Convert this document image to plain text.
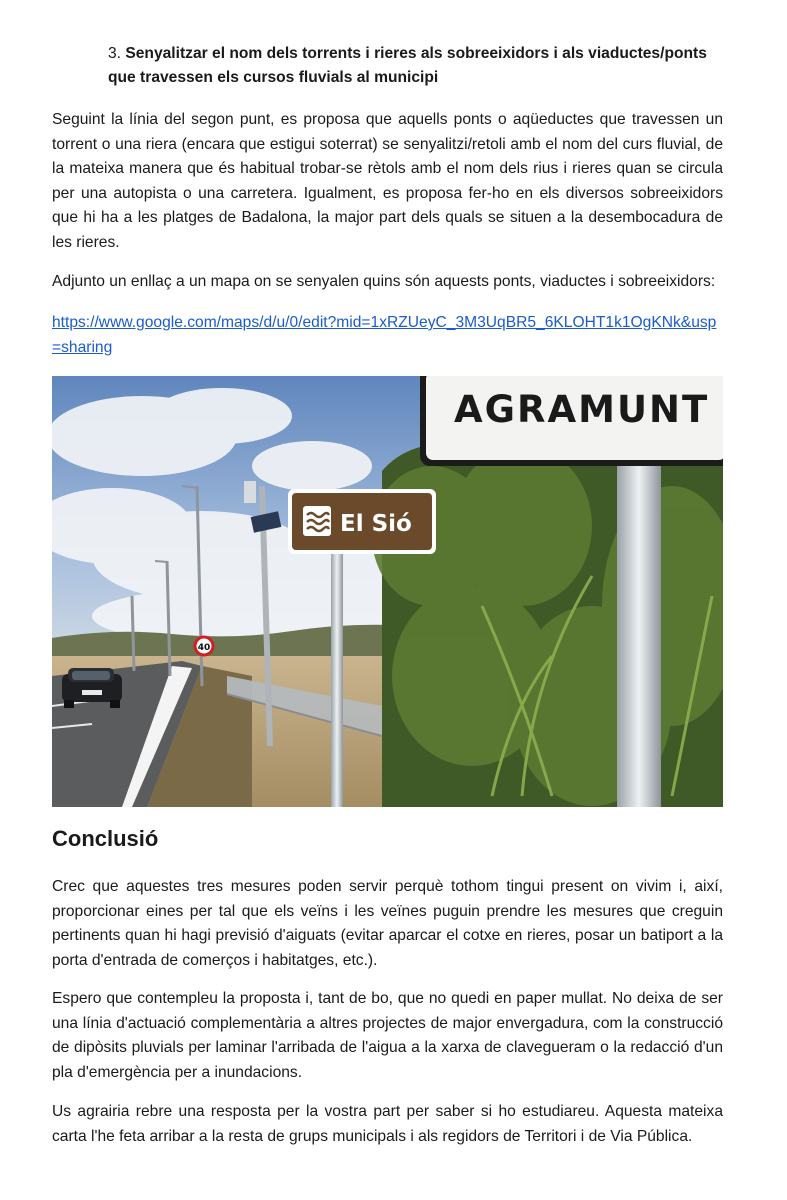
3. Senyalitzar el nom dels torrents i rieres als sobreeixidors i als viaductes/ponts que travessen els cursos fluvials al municipi

Seguint la línia del segon punt, es proposa que aquells ponts o aqüeductes que travessen un torrent o una riera (encara que estigui soterrat) se senyalitzi/retoli amb el nom del curs fluvial, de la mateixa manera que és habitual trobar-se rètols amb el nom dels rius i rieres quan se circula per una autopista o una carretera. Igualment, es proposa fer-ho en els diversos sobreeixidors que hi ha a les platges de Badalona, la major part dels quals se situen a la desembocadura de les rieres.

Adjunto un enllaç a un mapa on se senyalen quins són aquests ponts, viaductes i sobreeixidors:

https://www.google.com/maps/d/u/0/edit?mid=1xRZUeyC_3M3UqBR5_6KLOHT1k1OgKNk&usp=sharing

40
El Sió
AGRAMUNT
Conclusió

Crec que aquestes tres mesures poden servir perquè tothom tingui present on vivim i, així, proporcionar eines per tal que els veïns i les veïnes puguin prendre les mesures que creguin pertinents quan hi hagi previsió d'aiguats (evitar aparcar el cotxe en rieres, posar un batiport a la porta d'entrada de comerços i habitatges, etc.).

Espero que contempleu la proposta i, tant de bo, que no quedi en paper mullat. No deixa de ser una línia d'actuació complementària a altres projectes de major envergadura, com la construcció de dipòsits pluvials per laminar l'arribada de l'aigua a la xarxa de clavegueram o la redacció d'un pla d'emergència per a inundacions.

Us agrairia rebre una resposta per la vostra part per saber si ho estudiareu. Aquesta mateixa carta l'he feta arribar a la resta de grups municipals i als regidors de Territori i de Via Pública.
